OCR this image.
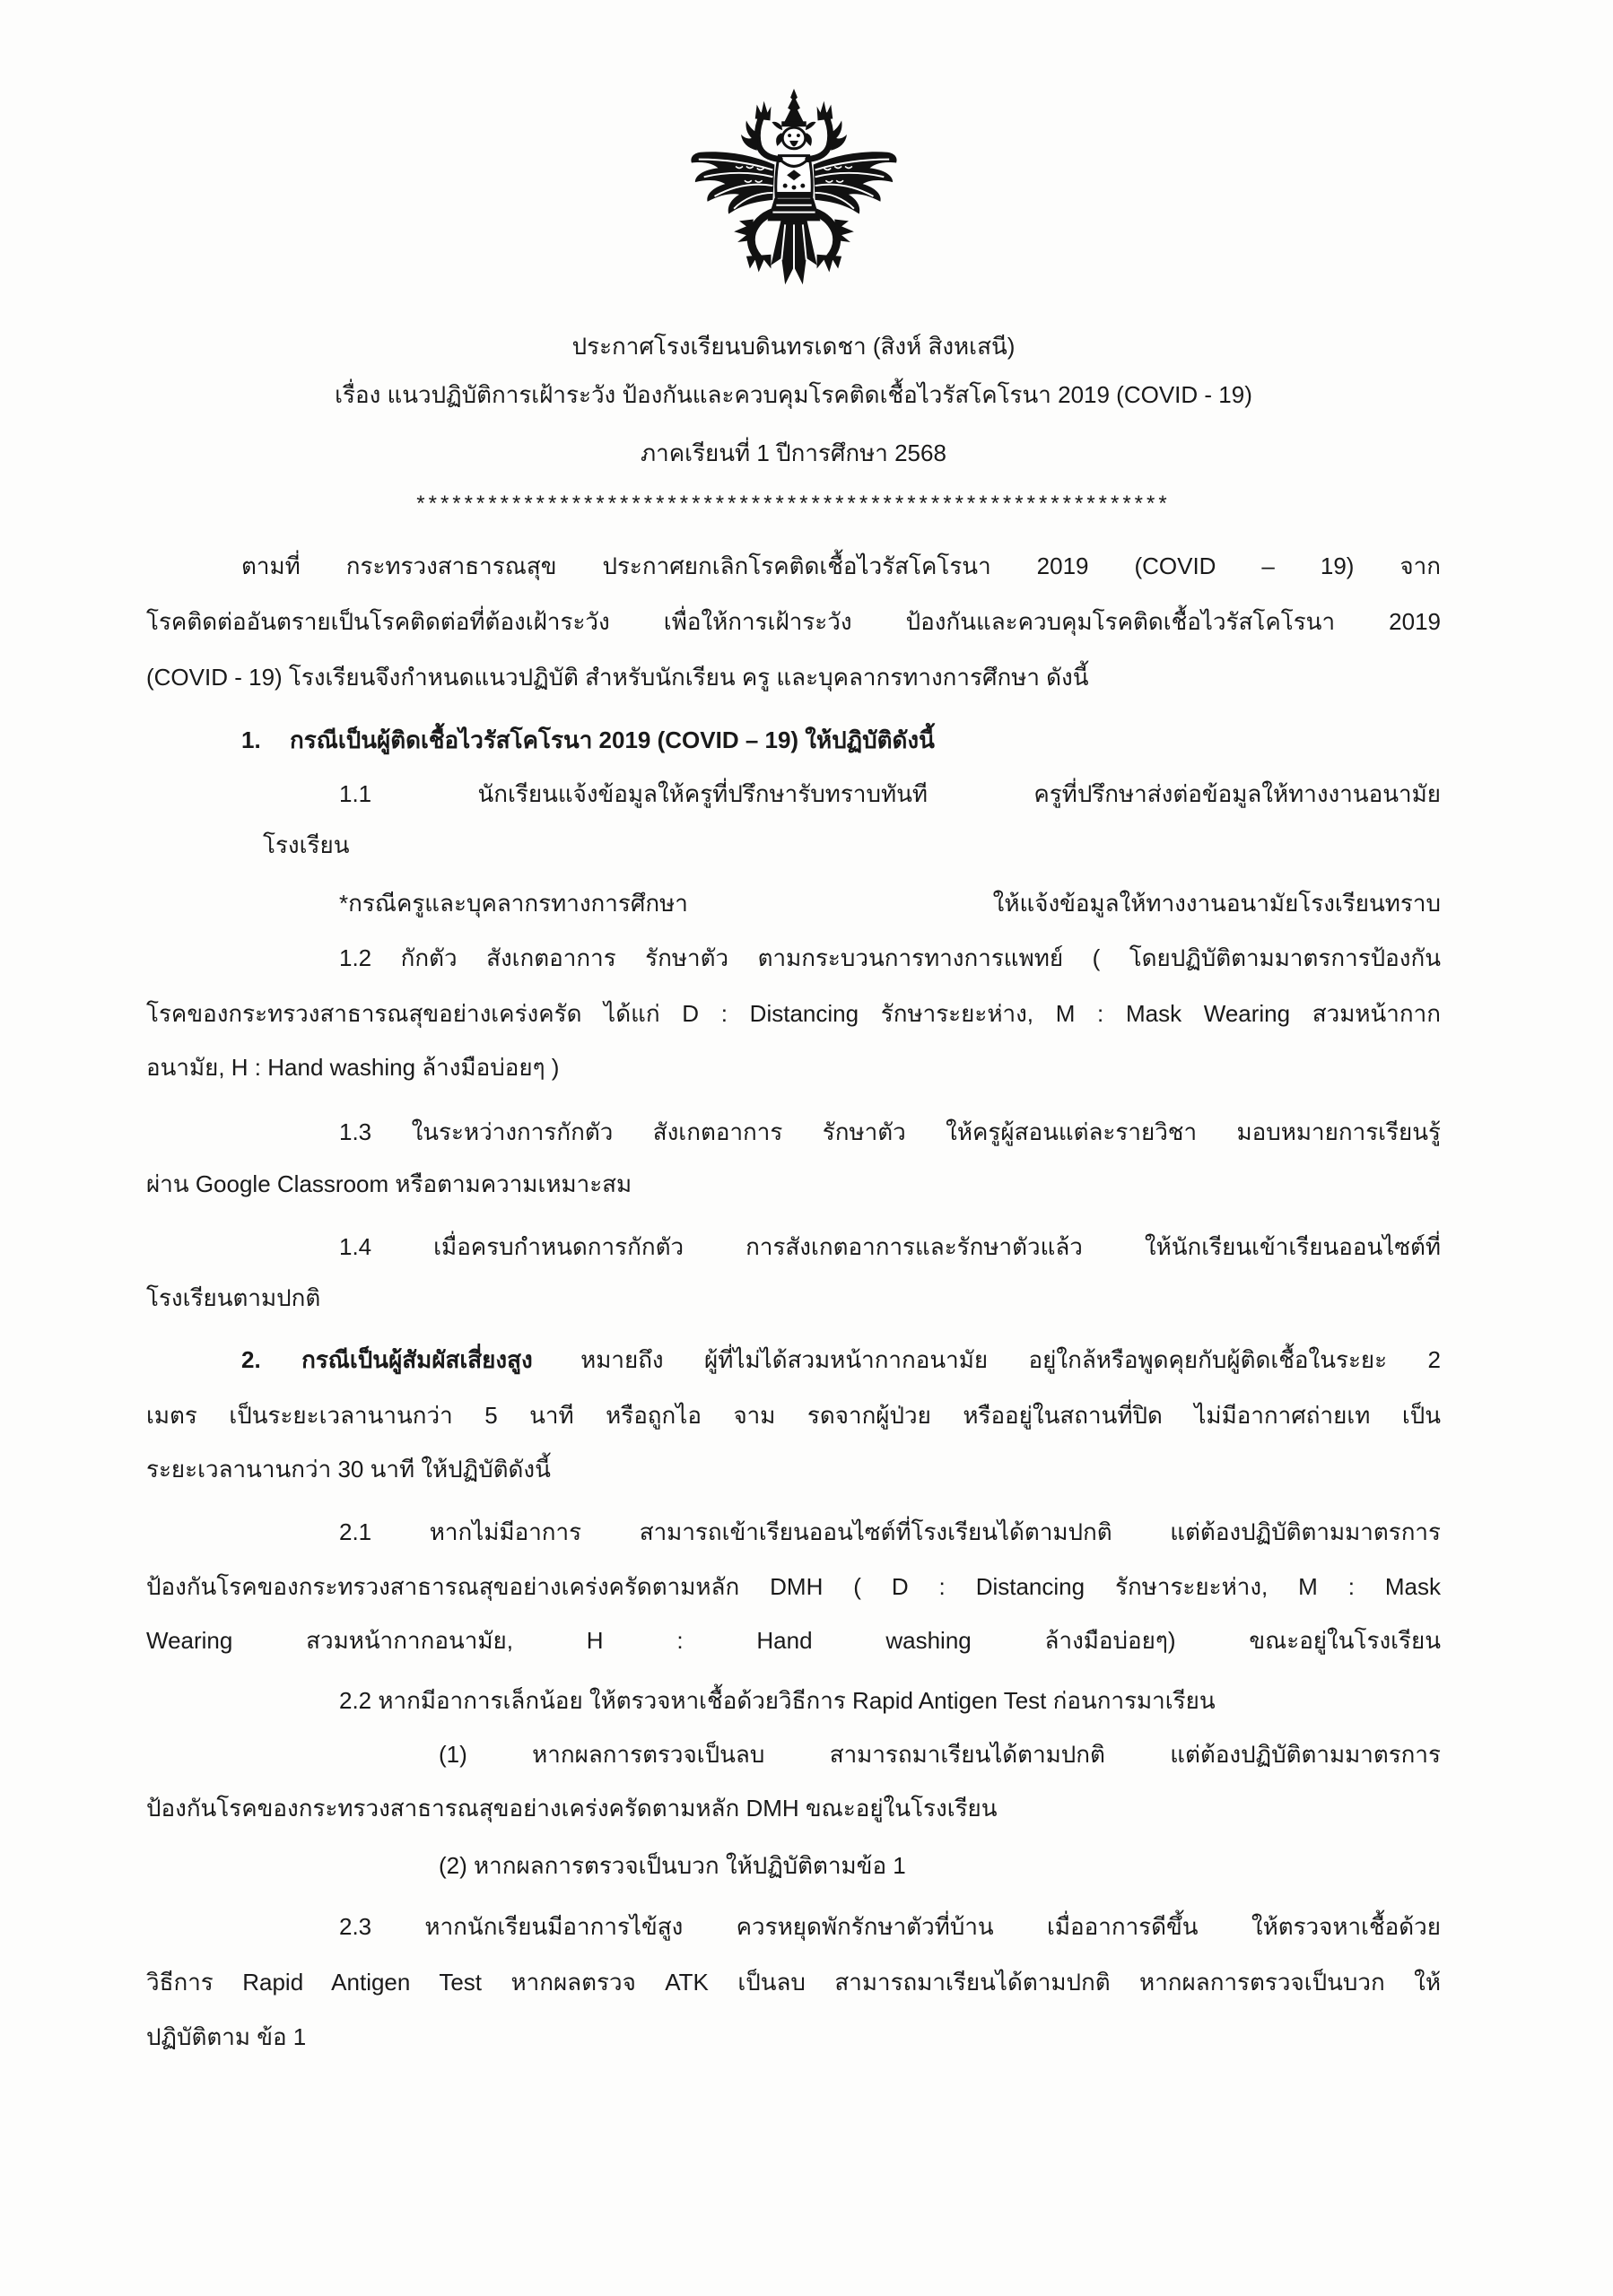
ประกาศโรงเรียนบดินทรเดชา (สิงห์ สิงหเสนี)
เรื่อง แนวปฏิบัติการเฝ้าระวัง ป้องกันและควบคุมโรคติดเชื้อไวรัสโคโรนา 2019 (COVID - 19)
ภาคเรียนที่ 1 ปีการศึกษา 2568
***************************************************************
ตามที่ กระทรวงสาธารณสุข ประกาศยกเลิกโรคติดเชื้อไวรัสโคโรนา 2019 (COVID – 19) จาก
โรคติดต่ออันตรายเป็นโรคติดต่อที่ต้องเฝ้าระวัง เพื่อให้การเฝ้าระวัง ป้องกันและควบคุมโรคติดเชื้อไวรัสโคโรนา 2019
(COVID - 19) โรงเรียนจึงกำหนดแนวปฏิบัติ สำหรับนักเรียน ครู และบุคลากรทางการศึกษา ดังนี้
1. กรณีเป็นผู้ติดเชื้อไวรัสโคโรนา 2019 (COVID – 19) ให้ปฏิบัติดังนี้
1.1 นักเรียนแจ้งข้อมูลให้ครูที่ปรึกษารับทราบทันที ครูที่ปรึกษาส่งต่อข้อมูลให้ทางงานอนามัย
โรงเรียน
*กรณีครูและบุคลากรทางการศึกษา ให้แจ้งข้อมูลให้ทางงานอนามัยโรงเรียนทราบ
1.2 กักตัว สังเกตอาการ รักษาตัว ตามกระบวนการทางการแพทย์ ( โดยปฏิบัติตามมาตรการป้องกัน
โรคของกระทรวงสาธารณสุขอย่างเคร่งครัด ได้แก่ D : Distancing รักษาระยะห่าง, M : Mask Wearing สวมหน้ากาก
อนามัย, H : Hand washing ล้างมือบ่อยๆ )
1.3 ในระหว่างการกักตัว สังเกตอาการ รักษาตัว ให้ครูผู้สอนแต่ละรายวิชา มอบหมายการเรียนรู้
ผ่าน Google Classroom หรือตามความเหมาะสม
1.4 เมื่อครบกำหนดการกักตัว การสังเกตอาการและรักษาตัวแล้ว ให้นักเรียนเข้าเรียนออนไซต์ที่
โรงเรียนตามปกติ
2. กรณีเป็นผู้สัมผัสเสี่ยงสูง หมายถึง ผู้ที่ไม่ได้สวมหน้ากากอนามัย อยู่ใกล้หรือพูดคุยกับผู้ติดเชื้อในระยะ 2
เมตร เป็นระยะเวลานานกว่า 5 นาที หรือถูกไอ จาม รดจากผู้ป่วย หรืออยู่ในสถานที่ปิด ไม่มีอากาศถ่ายเท เป็น
ระยะเวลานานกว่า 30 นาที ให้ปฏิบัติดังนี้
2.1 หากไม่มีอาการ สามารถเข้าเรียนออนไซต์ที่โรงเรียนได้ตามปกติ แต่ต้องปฏิบัติตามมาตรการ
ป้องกันโรคของกระทรวงสาธารณสุขอย่างเคร่งครัดตามหลัก DMH ( D : Distancing รักษาระยะห่าง, M : Mask
Wearing สวมหน้ากากอนามัย, H : Hand washing ล้างมือบ่อยๆ) ขณะอยู่ในโรงเรียน
2.2 หากมีอาการเล็กน้อย ให้ตรวจหาเชื้อด้วยวิธีการ Rapid Antigen Test ก่อนการมาเรียน
(1) หากผลการตรวจเป็นลบ สามารถมาเรียนได้ตามปกติ แต่ต้องปฏิบัติตามมาตรการ
ป้องกันโรคของกระทรวงสาธารณสุขอย่างเคร่งครัดตามหลัก DMH ขณะอยู่ในโรงเรียน
(2) หากผลการตรวจเป็นบวก ให้ปฏิบัติตามข้อ 1
2.3 หากนักเรียนมีอาการไข้สูง ควรหยุดพักรักษาตัวที่บ้าน เมื่ออาการดีขึ้น ให้ตรวจหาเชื้อด้วย
วิธีการ Rapid Antigen Test หากผลตรวจ ATK เป็นลบ สามารถมาเรียนได้ตามปกติ หากผลการตรวจเป็นบวก ให้
ปฏิบัติตาม ข้อ 1
